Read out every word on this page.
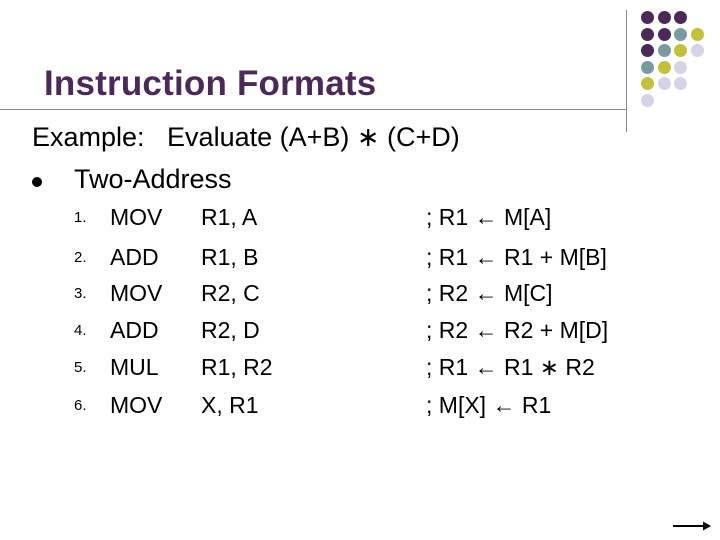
Instruction Formats
Example:   Evaluate (A+B) ∗ (C+D)
Two-Address
1. MOV R1, A	; R1 ← M[A]
2. ADD R1, B	; R1 ← R1 + M[B]
3. MOV R2, C	; R2 ← M[C]
4. ADD R2, D	; R2 ← R2 + M[D]
5. MUL R1, R2	; R1 ← R1 ∗ R2
6. MOV X, R1	; M[X] ← R1
